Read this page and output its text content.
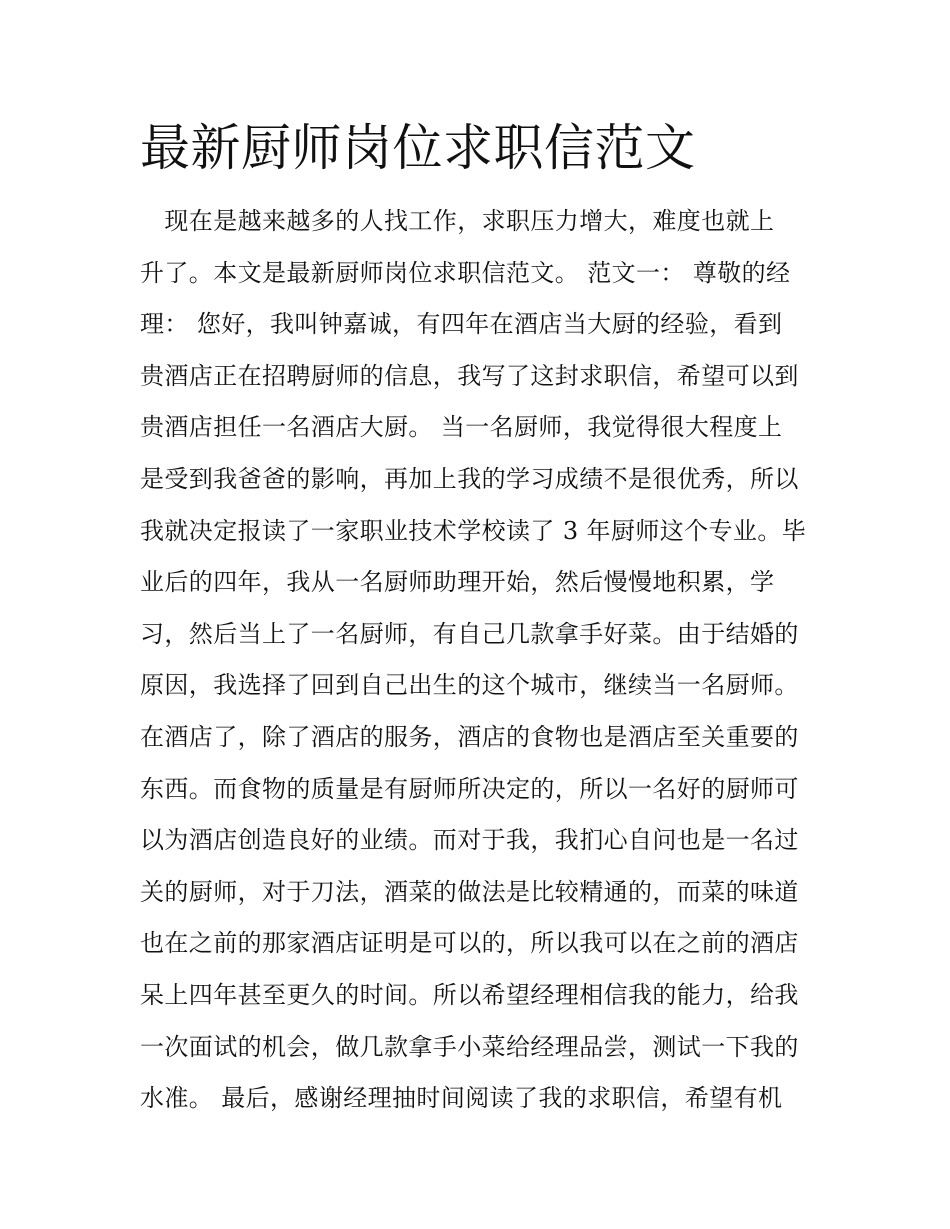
最新厨师岗位求职信范文
　现在是越来越多的人找工作，求职压力增大，难度也就上
升了。本文是最新厨师岗位求职信范文。 范文一： 尊敬的经
理： 您好，我叫钟嘉诚，有四年在酒店当大厨的经验，看到
贵酒店正在招聘厨师的信息，我写了这封求职信，希望可以到
贵酒店担任一名酒店大厨。 当一名厨师，我觉得很大程度上
是受到我爸爸的影响，再加上我的学习成绩不是很优秀，所以
我就决定报读了一家职业技术学校读了 3 年厨师这个专业。毕
业后的四年，我从一名厨师助理开始，然后慢慢地积累，学
习，然后当上了一名厨师，有自己几款拿手好菜。由于结婚的
原因，我选择了回到自己出生的这个城市，继续当一名厨师。
在酒店了，除了酒店的服务，酒店的食物也是酒店至关重要的
东西。而食物的质量是有厨师所决定的，所以一名好的厨师可
以为酒店创造良好的业绩。而对于我，我扪心自问也是一名过
关的厨师，对于刀法，酒菜的做法是比较精通的，而菜的味道
也在之前的那家酒店证明是可以的，所以我可以在之前的酒店
呆上四年甚至更久的时间。所以希望经理相信我的能力，给我
一次面试的机会，做几款拿手小菜给经理品尝，测试一下我的
水准。 最后，感谢经理抽时间阅读了我的求职信，希望有机
